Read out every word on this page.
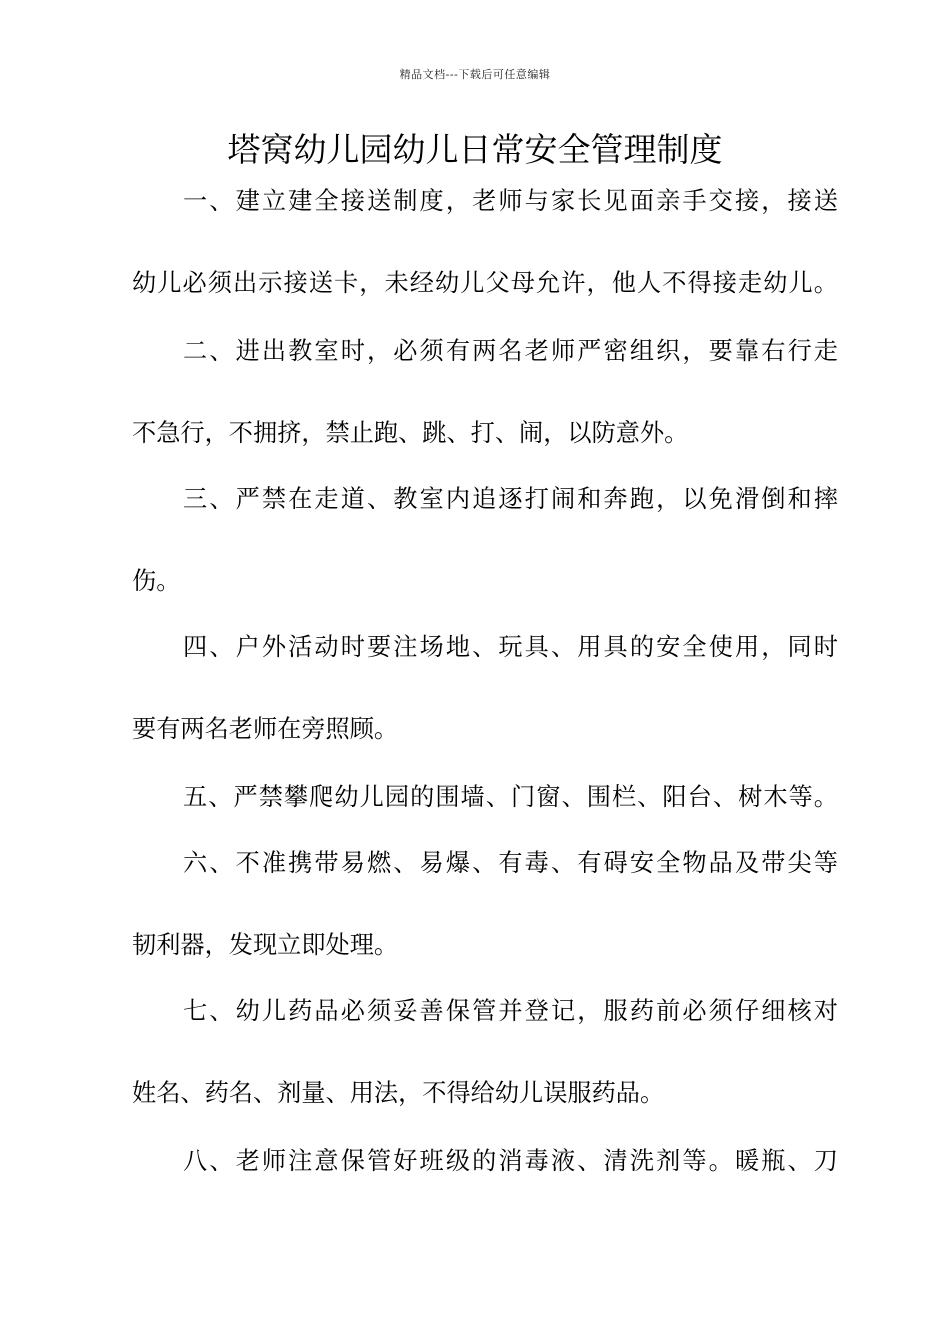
精品文档---下载后可任意编辑
塔窝幼儿园幼儿日常安全管理制度

一、建立建全接送制度，老师与家长见面亲手交接，接送

幼儿必须出示接送卡，未经幼儿父母允许，他人不得接走幼儿。

二、进出教室时，必须有两名老师严密组织，要靠右行走

不急行，不拥挤，禁止跑、跳、打、闹，以防意外。

三、严禁在走道、教室内追逐打闹和奔跑，以免滑倒和摔

伤。

四、户外活动时要注场地、玩具、用具的安全使用，同时

要有两名老师在旁照顾。

五、严禁攀爬幼儿园的围墙、门窗、围栏、阳台、树木等。

六、不准携带易燃、易爆、有毒、有碍安全物品及带尖等

韧利器，发现立即处理。

七、幼儿药品必须妥善保管并登记，服药前必须仔细核对

姓名、药名、剂量、用法，不得给幼儿误服药品。

八、老师注意保管好班级的消毒液、清洗剂等。暖瓶、刀
